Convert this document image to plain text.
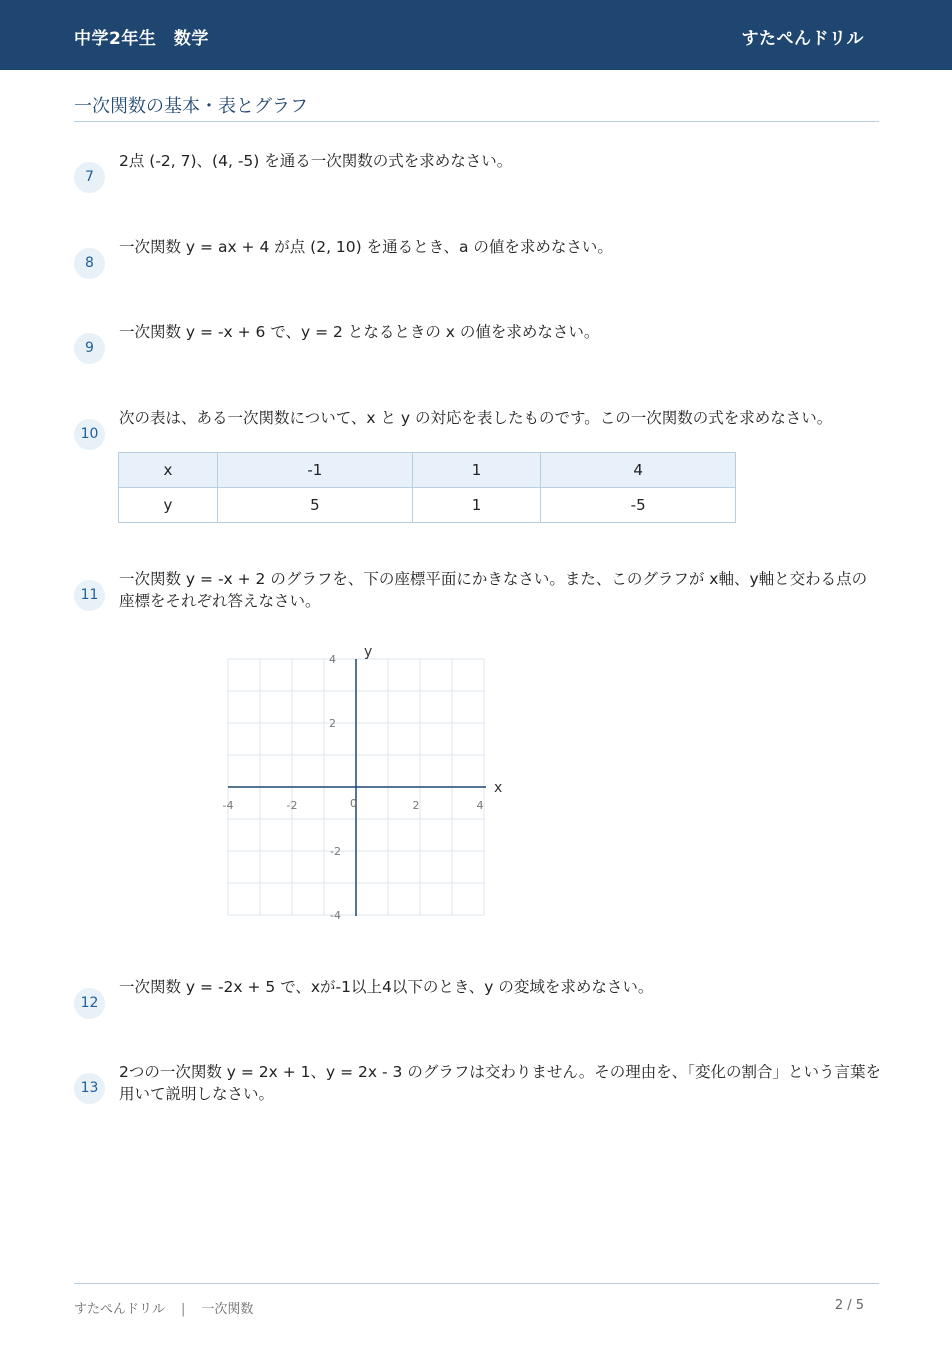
中学2年生　数学	すたぺんドリル
一次関数の基本・表とグラフ
7
2点 (-2, 7)、(4, -5) を通る一次関数の式を求めなさい。
8
一次関数 y = ax + 4 が点 (2, 10) を通るとき、a の値を求めなさい。
9
一次関数 y = -x + 6 で、y = 2 となるときの x の値を求めなさい。
10
次の表は、ある一次関数について、x と y の対応を表したものです。この一次関数の式を求めなさい。
x	-1	1	4
y	5	1	-5
11
一次関数 y = -x + 2 のグラフを、下の座標平面にかきなさい。また、このグラフが x軸、y軸と交わる点の座標をそれぞれ答えなさい。
x
y
0
-4	-2	2	4
4
2
-2
-4
12
一次関数 y = -2x + 5 で、xが-1以上4以下のとき、y の変域を求めなさい。
13
2つの一次関数 y = 2x + 1、y = 2x - 3 のグラフは交わりません。その理由を、「変化の割合」という言葉を用いて説明しなさい。
すたぺんドリル | 一次関数	2 / 5
